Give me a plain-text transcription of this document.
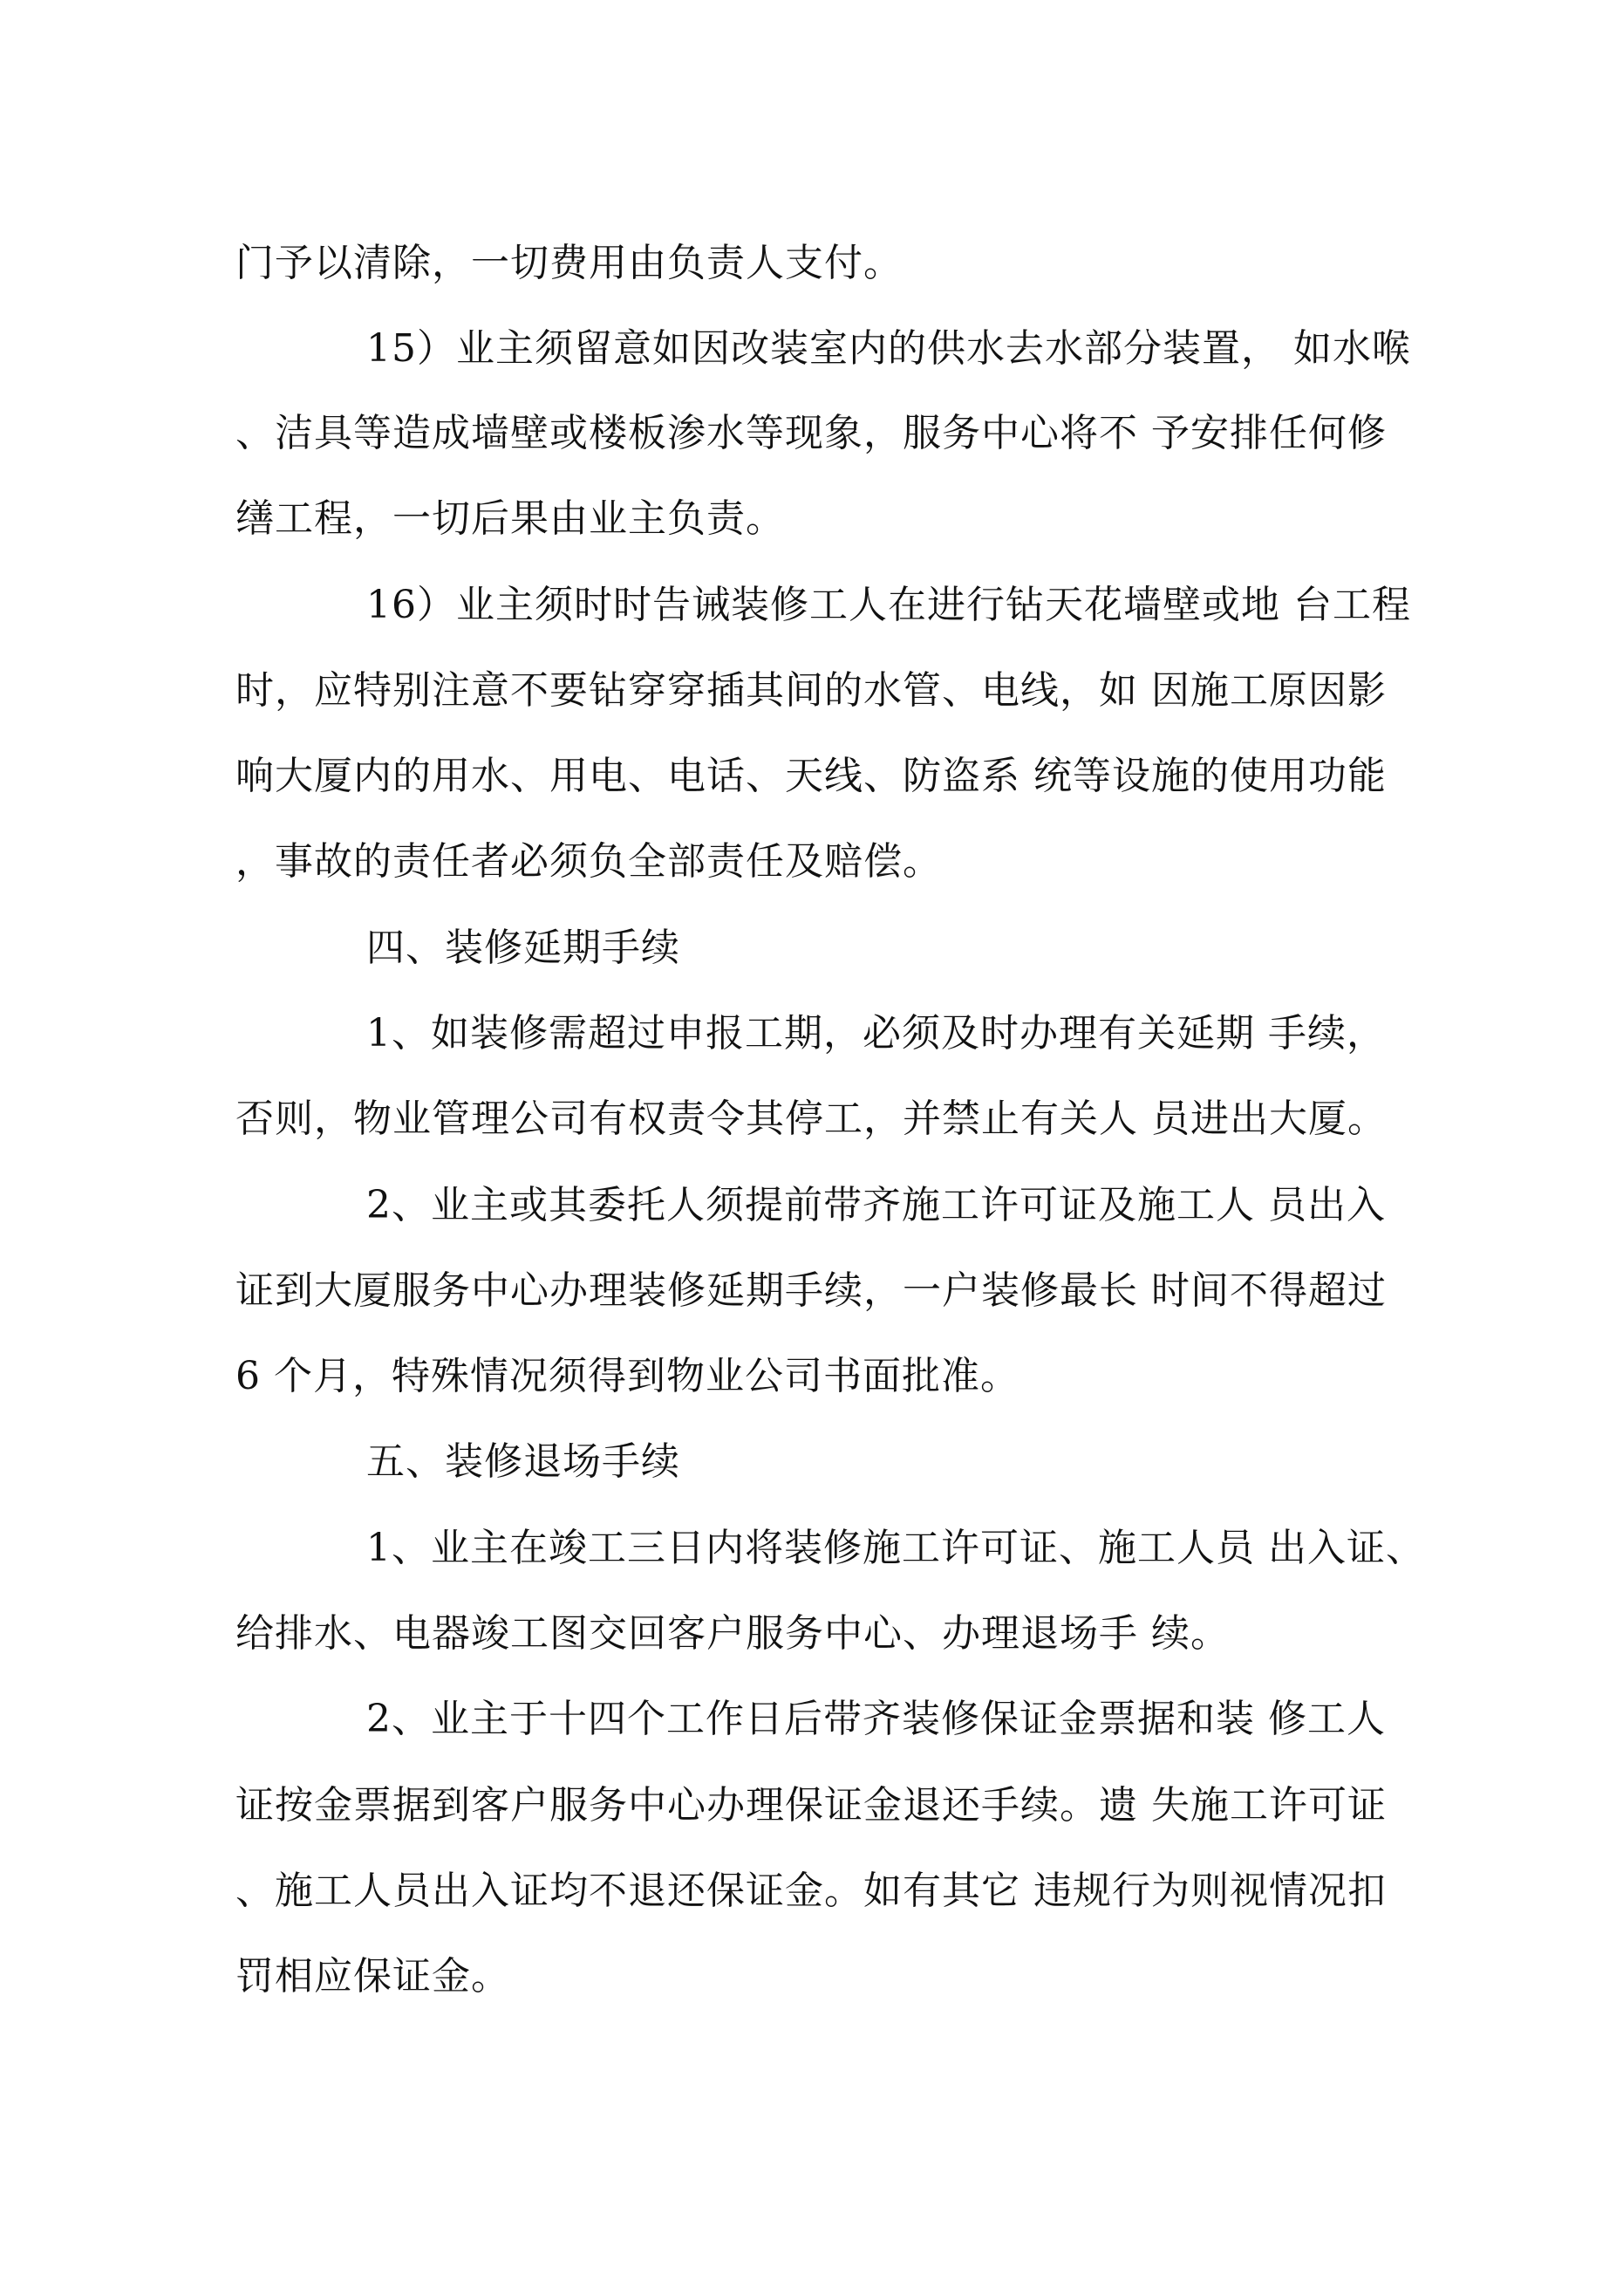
门予以清除，一切费用由负责人支付。
15）业主须留意如因改装室内的供水去水部分装置， 如水喉
、洁具等造成墙壁或楼板渗水等现象，服务中心将不 予安排任何修
缮工程，一切后果由业主负责。
16）业主须时时告诫装修工人在进行钻天花墙壁或地 台工程
时，应特别注意不要钻穿穿插其间的水管、电线，如 因施工原因影
响大厦内的用水、用电、电话、天线、防盗系 统等设施的使用功能
，事故的责任者必须负全部责任及赔偿。
四、装修延期手续
1、如装修需超过申报工期，必须及时办理有关延期 手续，
否则，物业管理公司有权责令其停工，并禁止有关人 员进出大厦。
2、业主或其委托人须提前带齐施工许可证及施工人 员出入
证到大厦服务中心办理装修延期手续，一户装修最长 时间不得超过
6 个月，特殊情况须得到物业公司书面批准。
五、装修退场手续
1、业主在竣工三日内将装修施工许可证、施工人员 出入证、
给排水、电器竣工图交回客户服务中心、办理退场手 续。
2、业主于十四个工作日后带齐装修保证金票据和装 修工人
证按金票据到客户服务中心办理保证金退还手续。遗 失施工许可证
、施工人员出入证均不退还保证金。如有其它 违规行为则视情况扣
罚相应保证金。
